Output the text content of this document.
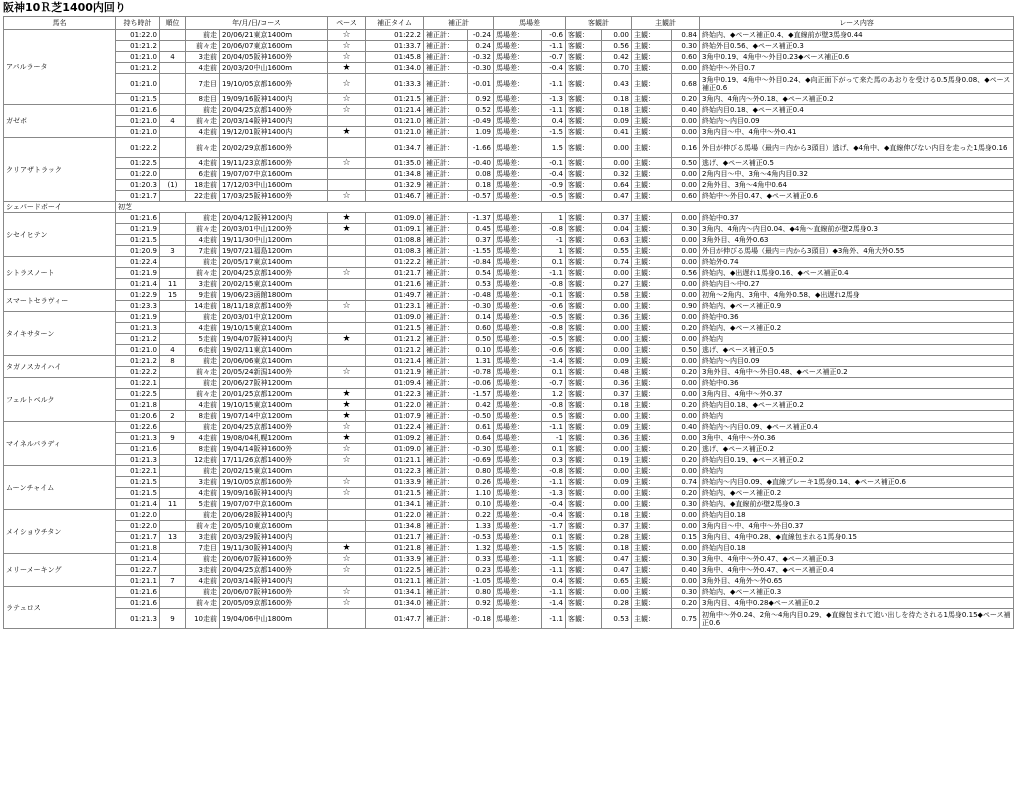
阪神10Ｒ芝1400内回り
馬名	持ち時計	順位	年/月/日/コース		ペース	補正タイム	補正計		馬場差		客観計		主観計		レース内容
アパルラータ	01:22.0		前走	20/06/21東京1400m	☆	01:22.2	補正計：	-0.24	馬場差：	-0.6	客観：	0.00	主観：	0.84	終始内、◆ペース補正0.4、◆直線前が壁3馬身0.44
	01:21.2		前々走	20/06/07東京1600m	☆	01:33.7	補正計：	0.24	馬場差：	-1.1	客観：	0.56	主観：	0.30	終始外目0.56、◆ペース補正0.3
	01:21.0	4	3走前	20/04/05阪神1600外	☆	01:45.8	補正計：	-0.32	馬場差：	-0.7	客観：	0.42	主観：	0.60	3角中0.19、4角中～外目0.23◆ペース補正0.6
	01:21.2		4走前	20/03/20中山1600m	★	01:34.0	補正計：	-0.30	馬場差：	-0.4	客観：	0.70	主観：	0.00	終始中～外目0.7
	01:21.0		7走目	19/10/05京都1600外	☆	01:33.3	補正計：	-0.01	馬場差：	-1.1	客観：	0.43	主観：	0.68	3角中0.19、4角中～外目0.24、◆向正面下がって来た馬のあおりを受ける0.5馬身0.08、◆ペース補正0.6
	01:21.5		8走目	19/09/16阪神1400内	☆	01:21.5	補正計：	0.92	馬場差：	-1.3	客観：	0.18	主観：	0.20	3角内、4角内～外0.18、◆ペース補正0.2
ガゼボ	01:21.6		前走	20/04/25京都1400外	☆	01:21.4	補正計：	0.52	馬場差：	-1.1	客観：	0.18	主観：	0.40	終始内目0.18、◆ペース補正0.4
	01:21.0	4	前々走	20/03/14阪神1400内		01:21.0	補正計：	-0.49	馬場差：	0.4	客観：	0.09	主観：	0.00	終始内～内目0.09
	01:21.0		4走前	19/12/01阪神1400内	★	01:21.0	補正計：	1.09	馬場差：	-1.5	客観：	0.41	主観：	0.00	3角内目～中、4角中～外0.41
クリアザトラック	01:22.2		前々走	20/02/29京都1600外		01:34.7	補正計：	-1.66	馬場差：	1.5	客観：	0.00	主観：	0.16	外目が伸びる馬場（最内＝内から3頭目）逃げ、◆4角中、◆直線伸びない内目を走った1馬身0.16
	01:22.5		4走前	19/11/23京都1600外	☆	01:35.0	補正計：	-0.40	馬場差：	-0.1	客観：	0.00	主観：	0.50	逃げ、◆ペース補正0.5
	01:22.0		6走前	19/07/07中京1600m		01:34.8	補正計：	0.08	馬場差：	-0.4	客観：	0.32	主観：	0.00	2角内目～中、3角～4角内目0.32
	01:20.3	(1)	18走前	17/12/03中山1600m		01:32.9	補正計：	0.18	馬場差：	-0.9	客観：	0.64	主観：	0.00	2角外目、3角～4角中0.64
	01:21.7		22走前	17/03/25阪神1600外	☆	01:46.7	補正計：	-0.57	馬場差：	-0.5	客観：	0.47	主観：	0.60	終始中～外目0.47、◆ペース補正0.6
シェパードボーイ	初芝														
シセイヒテン	01:21.6		前走	20/04/12阪神1200内	★	01:09.0	補正計：	-1.37	馬場差：	1	客観：	0.37	主観：	0.00	終始中0.37
	01:21.9		前々走	20/03/01中山1200外	★	01:09.1	補正計：	0.45	馬場差：	-0.8	客観：	0.04	主観：	0.30	3角内、4角内～内目0.04、◆4角～直線前が壁2馬身0.3
	01:21.5		4走前	19/11/30中山1200m		01:08.8	補正計：	0.37	馬場差：	-1	客観：	0.63	主観：	0.00	3角外目、4角外0.63
	01:20.9	3	7走前	19/07/21福島1200m		01:08.3	補正計：	-1.55	馬場差：	1	客観：	0.55	主観：	0.00	外目が伸びる馬場（最内＝内から3頭目）◆3角外、4角大外0.55
シトラスノート	01:22.4		前走	20/05/17東京1400m		01:22.2	補正計：	-0.84	馬場差：	0.1	客観：	0.74	主観：	0.00	終始外0.74
	01:21.9		前々走	20/04/25京都1400外	☆	01:21.7	補正計：	0.54	馬場差：	-1.1	客観：	0.00	主観：	0.56	終始内、◆出遅れ1馬身0.16、◆ペース補正0.4
	01:21.4	11	3走前	20/02/15東京1400m		01:21.6	補正計：	0.53	馬場差：	-0.8	客観：	0.27	主観：	0.00	終始内目～中0.27
スマートセラヴィー	01:22.9	15	9走前	19/06/23函館1800m		01:49.7	補正計：	-0.48	馬場差：	-0.1	客観：	0.58	主観：	0.00	初角～2角内、3角中、4角外0.58、◆出遅れ2馬身
	01:23.3		14走前	18/11/18京都1400外	☆	01:23.1	補正計：	-0.30	馬場差：	-0.6	客観：	0.00	主観：	0.90	終始内、◆ペース補正0.9
タイキサターン	01:21.9		前走	20/03/01中京1200m		01:09.0	補正計：	0.14	馬場差：	-0.5	客観：	0.36	主観：	0.00	終始中0.36
	01:21.3		4走前	19/10/15東京1400m		01:21.5	補正計：	0.60	馬場差：	-0.8	客観：	0.00	主観：	0.20	終始内、◆ペース補正0.2
	01:21.2		5走前	19/04/07阪神1400内	★	01:21.2	補正計：	0.50	馬場差：	-0.5	客観：	0.00	主観：	0.00	終始内
	01:21.0	4	6走前	19/02/11東京1400m		01:21.2	補正計：	0.10	馬場差：	-0.6	客観：	0.00	主観：	0.50	逃げ、◆ペース補正0.5
タガノスカイハイ	01:21.2	8	前走	20/06/06東京1400m		01:21.4	補正計：	1.31	馬場差：	-1.4	客観：	0.09	主観：	0.00	終始内～内目0.09
	01:22.2		前々走	20/05/24新潟1400外	☆	01:21.9	補正計：	-0.78	馬場差：	0.1	客観：	0.48	主観：	0.20	3角外目、4角中～外目0.48、◆ペース補正0.2
フェルトベルク	01:22.1		前走	20/06/27阪神1200m		01:09.4	補正計：	-0.06	馬場差：	-0.7	客観：	0.36	主観：	0.00	終始中0.36
	01:22.5		前々走	20/01/25京都1200m	★	01:22.3	補正計：	-1.57	馬場差：	1.2	客観：	0.37	主観：	0.00	3角内目、4角中～外0.37
	01:21.8		4走前	19/10/15東京1400m	★	01:22.0	補正計：	0.42	馬場差：	-0.8	客観：	0.18	主観：	0.20	終始内目0.18、◆ペース補正0.2
	01:20.6	2	8走前	19/07/14中京1200m	★	01:07.9	補正計：	-0.50	馬場差：	0.5	客観：	0.00	主観：	0.00	終始内
マイネルパラディ	01:22.6		前走	20/04/25京都1400外	☆	01:22.4	補正計：	0.61	馬場差：	-1.1	客観：	0.09	主観：	0.40	終始内～内目0.09、◆ペース補正0.4
	01:21.3	9	4走前	19/08/04札幌1200m	★	01:09.2	補正計：	0.64	馬場差：	-1	客観：	0.36	主観：	0.00	3角中、4角中～外0.36
	01:21.6		8走前	19/04/14阪神1600外	☆	01:09.0	補正計：	-0.30	馬場差：	0.1	客観：	0.00	主観：	0.20	逃げ、◆ペース補正0.2
	01:21.3		12走前	17/11/26京都1400外	☆	01:21.1	補正計：	-0.69	馬場差：	0.3	客観：	0.19	主観：	0.20	終始内目0.19、◆ペース補正0.2
ムーンチャイム	01:22.1		前走	20/02/15東京1400m		01:22.3	補正計：	0.80	馬場差：	-0.8	客観：	0.00	主観：	0.00	終始内
	01:21.5		3走前	19/10/05京都1600外	☆	01:33.9	補正計：	0.26	馬場差：	-1.1	客観：	0.09	主観：	0.74	終始内～内目0.09、◆直線ブレーキ1馬身0.14、◆ペース補正0.6
	01:21.5		4走前	19/09/16阪神1400内	☆	01:21.5	補正計：	1.10	馬場差：	-1.3	客観：	0.00	主観：	0.20	終始内、◆ペース補正0.2
	01:21.4	11	5走前	19/07/07中京1600m		01:34.1	補正計：	0.10	馬場差：	-0.4	客観：	0.00	主観：	0.30	終始内、◆直線前が壁2馬身0.3
メイショウチタン	01:22.0		前走	20/06/28阪神1400内		01:22.0	補正計：	0.22	馬場差：	-0.4	客観：	0.18	主観：	0.00	終始内目0.18
	01:22.0		前々走	20/05/10東京1600m		01:34.8	補正計：	1.33	馬場差：	-1.7	客観：	0.37	主観：	0.00	3角内目～中、4角中～外目0.37
	01:21.7	13	3走前	20/03/29阪神1400内		01:21.7	補正計：	-0.53	馬場差：	0.1	客観：	0.28	主観：	0.15	3角内目、4角中0.28、◆直線包まれる1馬身0.15
	01:21.8		7走目	19/11/30阪神1400内	★	01:21.8	補正計：	1.32	馬場差：	-1.5	客観：	0.18	主観：	0.00	終始内目0.18
メリーメーキング	01:21.4		前走	20/06/07阪神1600外	☆	01:33.9	補正計：	0.33	馬場差：	-1.1	客観：	0.47	主観：	0.30	3角中、4角中～外0.47、◆ペース補正0.3
	01:22.7		3走前	20/04/25京都1400外	☆	01:22.5	補正計：	0.23	馬場差：	-1.1	客観：	0.47	主観：	0.40	3角中、4角中～外0.47、◆ペース補正0.4
	01:21.1	7	4走前	20/03/14阪神1400内		01:21.1	補正計：	-1.05	馬場差：	0.4	客観：	0.65	主観：	0.00	3角外目、4角外～外0.65
ラテュロス	01:21.6		前走	20/06/07阪神1600外	☆	01:34.1	補正計：	0.80	馬場差：	-1.1	客観：	0.00	主観：	0.30	終始内、◆ペース補正0.3
	01:21.6		前々走	20/05/09京都1600外	☆	01:34.0	補正計：	0.92	馬場差：	-1.4	客観：	0.28	主観：	0.20	3角内目、4角中0.28◆ペース補正0.2
	01:21.3	9	10走前	19/04/06中山1800m		01:47.7	補正計：	-0.18	馬場差：	-1.1	客観：	0.53	主観：	0.75	初角中～外0.24、2角～4角内目0.29、◆直線包まれて追い出しを待たされる1馬身0.15◆ペース補正0.6
